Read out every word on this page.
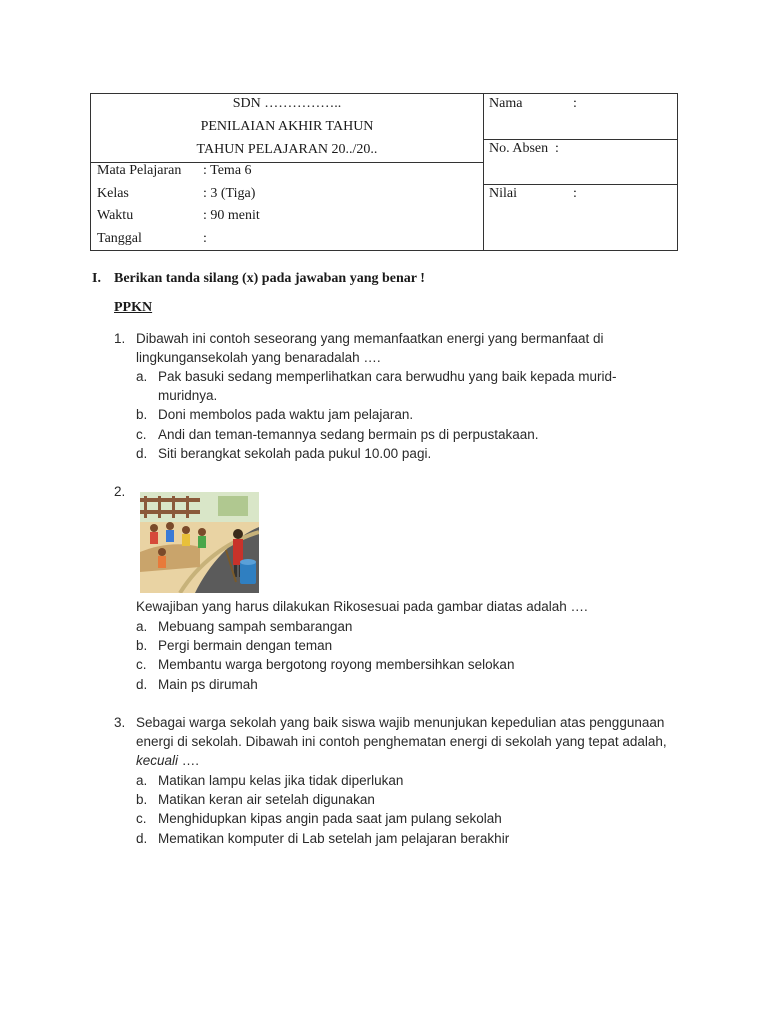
SDN ……………..
PENILAIAN AKHIR TAHUN
TAHUN PELAJARAN 20../20..
Mata Pelajaran : Tema 6
Kelas	: 3 (Tiga)
Waktu	: 90 menit
Tanggal	:
Nama	:
No. Absen :
Nilai	:
I. Berikan tanda silang (x) pada jawaban yang benar !
PPKN
1. Dibawah ini contoh seseorang yang memanfaatkan energi yang bermanfaat di
lingkungansekolah yang benaradalah ….
a. Pak basuki sedang memperlihatkan cara berwudhu yang baik kepada murid-
muridnya.
b. Doni membolos pada waktu jam pelajaran.
c. Andi dan teman-temannya sedang bermain ps di perpustakaan.
d. Siti berangkat sekolah pada pukul 10.00 pagi.
2.
Kewajiban yang harus dilakukan Rikosesuai pada gambar diatas adalah ….
a. Mebuang sampah sembarangan
b. Pergi bermain dengan teman
c. Membantu warga bergotong royong membersihkan selokan
d. Main ps dirumah
3. Sebagai warga sekolah yang baik siswa wajib menunjukan kepedulian atas penggunaan
energi di sekolah. Dibawah ini contoh penghematan energi di sekolah yang tepat adalah,
kecuali ….
a. Matikan lampu kelas jika tidak diperlukan
b. Matikan keran air setelah digunakan
c. Menghidupkan kipas angin pada saat jam pulang sekolah
d. Mematikan komputer di Lab setelah jam pelajaran berakhir
